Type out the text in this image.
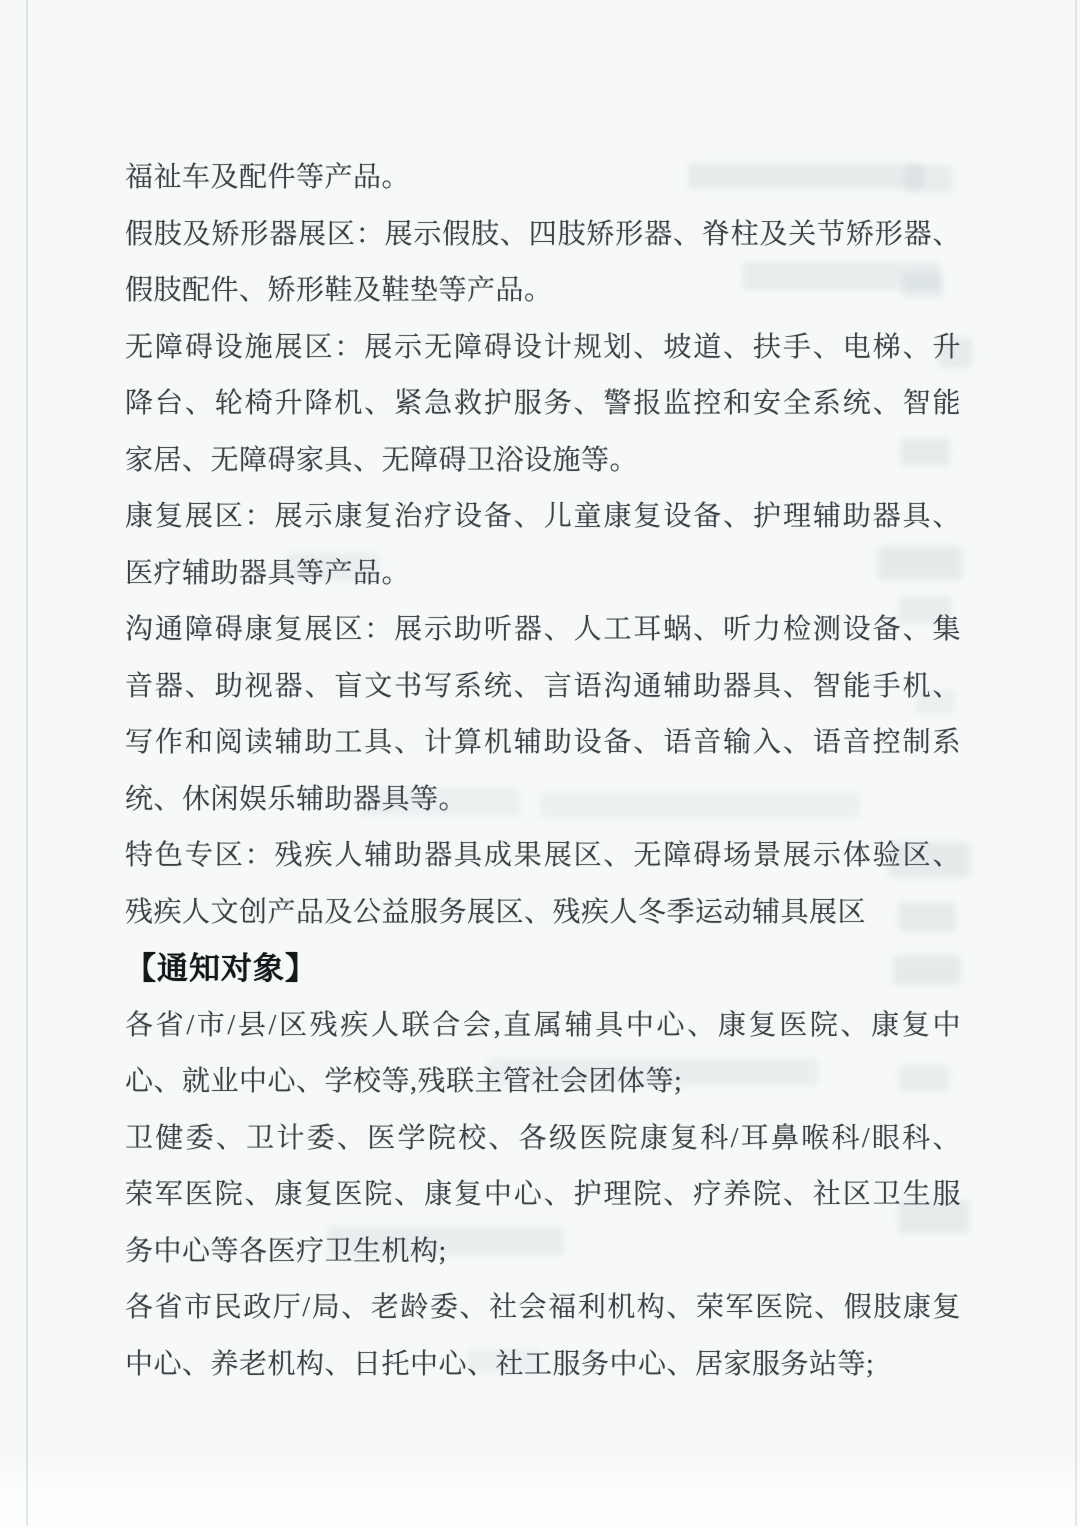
福祉车及配件等产品。
假肢及矫形器展区：展示假肢、四肢矫形器、脊柱及关节矫形器、
假肢配件、矫形鞋及鞋垫等产品。
无障碍设施展区：展示无障碍设计规划、坡道、扶手、电梯、升
降台、轮椅升降机、紧急救护服务、警报监控和安全系统、智能
家居、无障碍家具、无障碍卫浴设施等。
康复展区：展示康复治疗设备、儿童康复设备、护理辅助器具、
医疗辅助器具等产品。
沟通障碍康复展区：展示助听器、人工耳蜗、听力检测设备、集
音器、助视器、盲文书写系统、言语沟通辅助器具、智能手机、
写作和阅读辅助工具、计算机辅助设备、语音输入、语音控制系
统、休闲娱乐辅助器具等。
特色专区：残疾人辅助器具成果展区、无障碍场景展示体验区、
残疾人文创产品及公益服务展区、残疾人冬季运动辅具展区
【通知对象】
各省/市/县/区残疾人联合会,直属辅具中心、康复医院、康复中
心、就业中心、学校等,残联主管社会团体等;
卫健委、卫计委、医学院校、各级医院康复科/耳鼻喉科/眼科、
荣军医院、康复医院、康复中心、护理院、疗养院、社区卫生服
务中心等各医疗卫生机构;
各省市民政厅/局、老龄委、社会福利机构、荣军医院、假肢康复
中心、养老机构、日托中心、社工服务中心、居家服务站等;
